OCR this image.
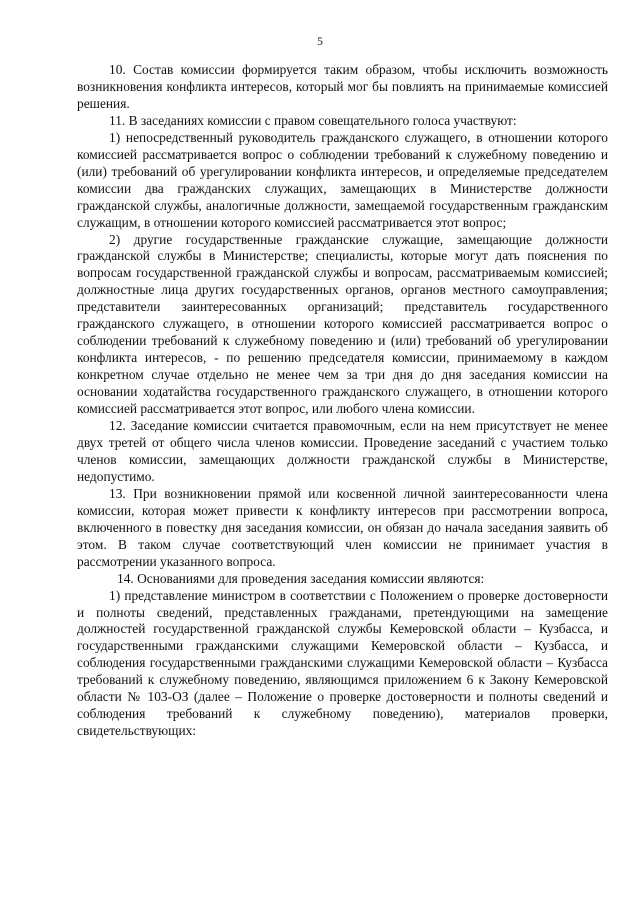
5

10. Состав комиссии формируется таким образом, чтобы исключить возможность возникновения конфликта интересов, который мог бы повлиять на принимаемые комиссией решения.

11. В заседаниях комиссии с правом совещательного голоса участвуют:

1) непосредственный руководитель гражданского служащего, в отношении которого комиссией рассматривается вопрос о соблюдении требований к служебному поведению и (или) требований об урегулировании конфликта интересов, и определяемые председателем комиссии два гражданских служащих, замещающих в Министерстве должности гражданской службы, аналогичные должности, замещаемой государственным гражданским служащим, в отношении которого комиссией рассматривается этот вопрос;

2) другие государственные гражданские служащие, замещающие должности гражданской службы в Министерстве; специалисты, которые могут дать пояснения по вопросам государственной гражданской службы и вопросам, рассматриваемым комиссией; должностные лица других государственных органов, органов местного самоуправления; представители заинтересованных организаций; представитель государственного гражданского служащего, в отношении которого комиссией рассматривается вопрос о соблюдении требований к служебному поведению и (или) требований об урегулировании конфликта интересов, - по решению председателя комиссии, принимаемому в каждом конкретном случае отдельно не менее чем за три дня до дня заседания комиссии на основании ходатайства государственного гражданского служащего, в отношении которого комиссией рассматривается этот вопрос, или любого члена комиссии.

12. Заседание комиссии считается правомочным, если на нем присутствует не менее двух третей от общего числа членов комиссии. Проведение заседаний с участием только членов комиссии, замещающих должности гражданской службы в Министерстве, недопустимо.

13. При возникновении прямой или косвенной личной заинтересованности члена комиссии, которая может привести к конфликту интересов при рассмотрении вопроса, включенного в повестку дня заседания комиссии, он обязан до начала заседания заявить об этом. В таком случае соответствующий член комиссии не принимает участия в рассмотрении указанного вопроса.

14. Основаниями для проведения заседания комиссии являются:

1) представление министром в соответствии с Положением о проверке достоверности и полноты сведений, представленных гражданами, претендующими на замещение должностей государственной гражданской службы Кемеровской области – Кузбасса, и государственными гражданскими служащими Кемеровской области – Кузбасса, и соблюдения государственными гражданскими служащими Кемеровской области – Кузбасса требований к служебному поведению, являющимся приложением 6 к Закону Кемеровской области № 103-ОЗ (далее – Положение о проверке достоверности и полноты сведений и соблюдения требований к служебному поведению), материалов проверки, свидетельствующих:
